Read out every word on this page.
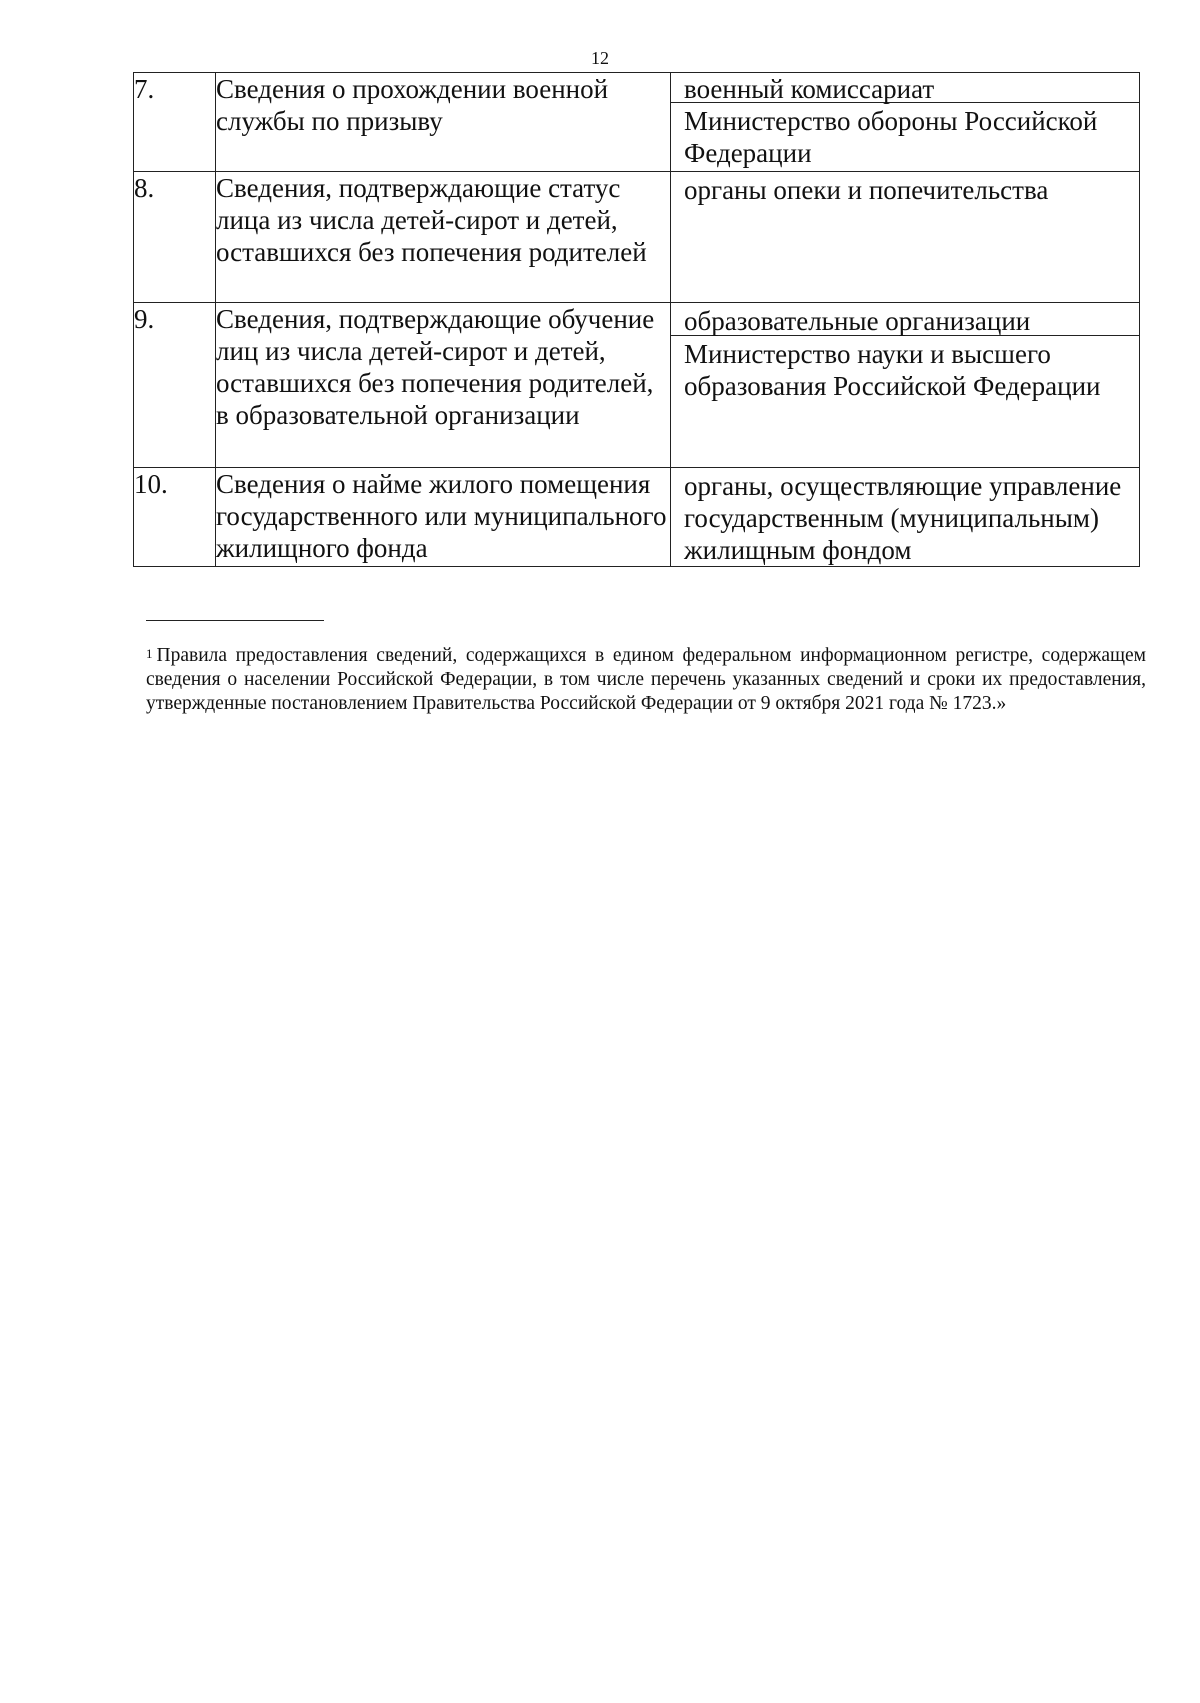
12
7.	Сведения о прохождении военной службы по призыву	военный комиссариат
Министерство обороны Российской Федерации

8.	Сведения, подтверждающие статус лица из числа детей-сирот и детей, оставшихся без попечения родителей	органы опеки и попечительства

9.	Сведения, подтверждающие обучение лиц из числа детей-сирот и детей, оставшихся без попечения родителей, в образовательной организации	образовательные организации
Министерство науки и высшего образования Российской Федерации

10.	Сведения о найме жилого помещения государственного или муниципального жилищного фонда	органы, осуществляющие управление государственным (муниципальным) жилищным фондом
$^1$ Правила предоставления сведений, содержащихся в едином федеральном информационном регистре, содержащем сведения о населении Российской Федерации, в том числе перечень указанных сведений и сроки их предоставления, утвержденные постановлением Правительства Российской Федерации от 9 октября 2021 года № 1723.»
